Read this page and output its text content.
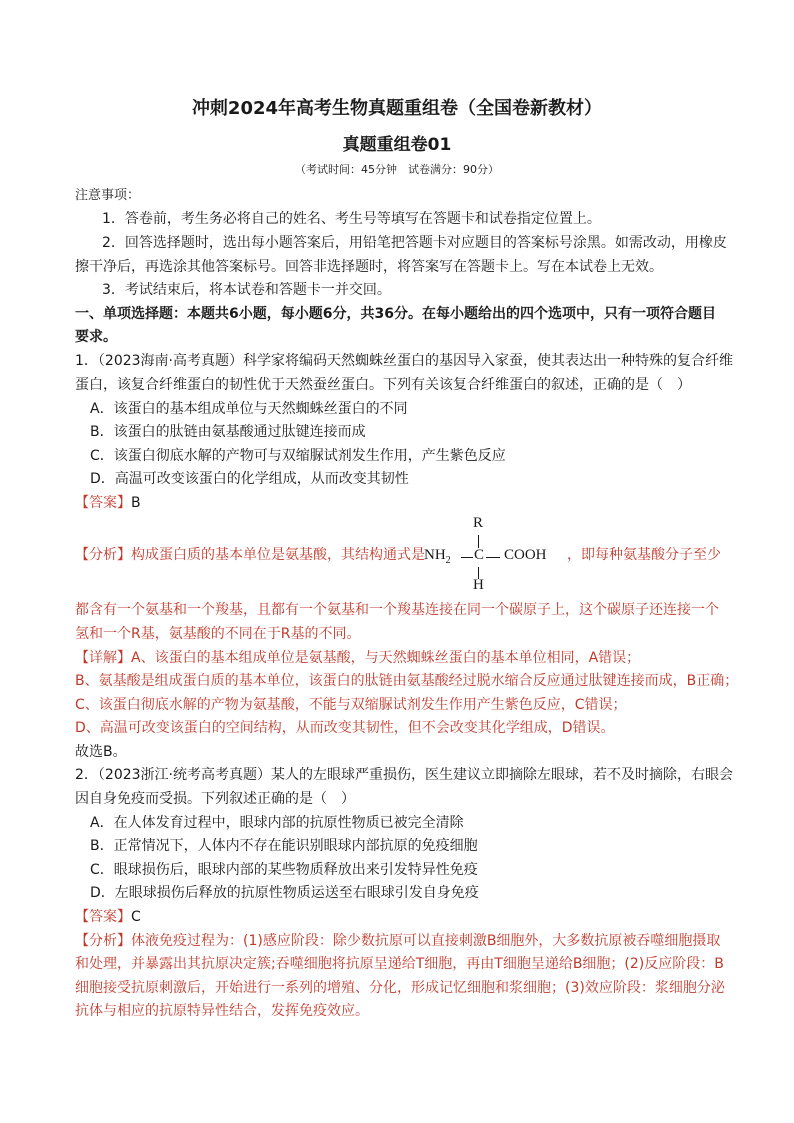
冲刺2024年高考生物真题重组卷（全国卷新教材）
真题重组卷01
（考试时间：45分钟　试卷满分：90分）
注意事项：
1．答卷前，考生务必将自己的姓名、考生号等填写在答题卡和试卷指定位置上。
2．回答选择题时，选出每小题答案后，用铅笔把答题卡对应题目的答案标号涂黑。如需改动，用橡皮
擦干净后，再选涂其他答案标号。回答非选择题时，将答案写在答题卡上。写在本试卷上无效。
3．考试结束后，将本试卷和答题卡一并交回。
一、单项选择题：本题共6小题，每小题6分，共36分。在每小题给出的四个选项中，只有一项符合题目
要求。
1．（2023海南·高考真题）科学家将编码天然蜘蛛丝蛋白的基因导入家蚕，使其表达出一种特殊的复合纤维
蛋白，该复合纤维蛋白的韧性优于天然蚕丝蛋白。下列有关该复合纤维蛋白的叙述，正确的是（　）
A．该蛋白的基本组成单位与天然蜘蛛丝蛋白的不同
B．该蛋白的肽链由氨基酸通过肽键连接而成
C．该蛋白彻底水解的产物可与双缩脲试剂发生作用，产生紫色反应
D．高温可改变该蛋白的化学组成，从而改变其韧性
【答案】B
【分析】构成蛋白质的基本单位是氨基酸，其结构通式是
R
$NH_2$ C COOH
H
，即每种氨基酸分子至少
都含有一个氨基和一个羧基，且都有一个氨基和一个羧基连接在同一个碳原子上，这个碳原子还连接一个
氢和一个R基，氨基酸的不同在于R基的不同。
【详解】A、该蛋白的基本组成单位是氨基酸，与天然蜘蛛丝蛋白的基本单位相同，A错误；
B、氨基酸是组成蛋白质的基本单位，该蛋白的肽链由氨基酸经过脱水缩合反应通过肽键连接而成，B正确；
C、该蛋白彻底水解的产物为氨基酸，不能与双缩脲试剂发生作用产生紫色反应，C错误；
D、高温可改变该蛋白的空间结构，从而改变其韧性，但不会改变其化学组成，D错误。
故选B。
2．（2023浙江·统考高考真题）某人的左眼球严重损伤，医生建议立即摘除左眼球，若不及时摘除，右眼会
因自身免疫而受损。下列叙述正确的是（　）
A．在人体发育过程中，眼球内部的抗原性物质已被完全清除
B．正常情况下，人体内不存在能识别眼球内部抗原的免疫细胞
C．眼球损伤后，眼球内部的某些物质释放出来引发特异性免疫
D．左眼球损伤后释放的抗原性物质运送至右眼球引发自身免疫
【答案】C
【分析】体液免疫过程为：(1)感应阶段：除少数抗原可以直接刺激B细胞外，大多数抗原被吞噬细胞摄取
和处理，并暴露出其抗原决定簇;吞噬细胞将抗原呈递给T细胞，再由T细胞呈递给B细胞；(2)反应阶段：B
细胞接受抗原刺激后，开始进行一系列的增殖、分化，形成记忆细胞和浆细胞；(3)效应阶段：浆细胞分泌
抗体与相应的抗原特异性结合，发挥免疫效应。
